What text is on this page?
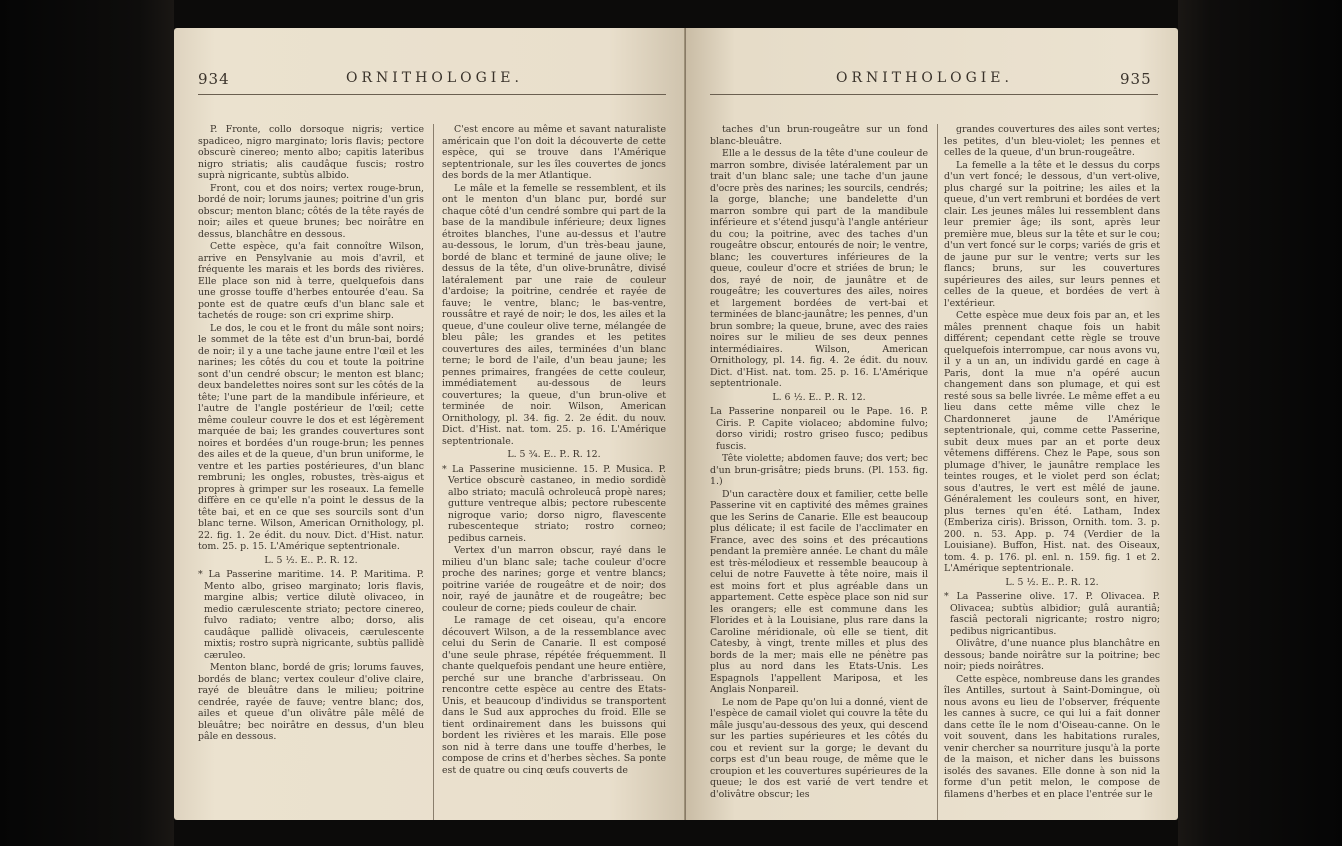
934	ORNITHOLOGIE.

P. Fronte, collo dorsoque nigris; vertice spadiceo, nigro marginato; loris flavis; pectore obscurè cinereo; mento albo; capitis lateribus nigro striatis; alis caudâque fuscis; rostro suprà nigricante, subtùs albido.

Front, cou et dos noirs; vertex rouge-brun, bordé de noir; lorums jaunes; poitrine d'un gris obscur; menton blanc; côtés de la tête rayés de noir; ailes et queue brunes; bec noirâtre en dessus, blanchâtre en dessous.

Cette espèce, qu'a fait connoître Wilson, arrive en Pensylvanie au mois d'avril, et fréquente les marais et les bords des rivières. Elle place son nid à terre, quelquefois dans une grosse touffe d'herbes entourée d'eau. Sa ponte est de quatre œufs d'un blanc sale et tachetés de rouge: son cri exprime shirp.

Le dos, le cou et le front du mâle sont noirs; le sommet de la tête est d'un brun-bai, bordé de noir; il y a une tache jaune entre l'œil et les narines; les côtés du cou et toute la poitrine sont d'un cendré obscur; le menton est blanc; deux bandelettes noires sont sur les côtés de la tête; l'une part de la mandibule inférieure, et l'autre de l'angle postérieur de l'œil; cette même couleur couvre le dos et est légèrement marquée de bai; les grandes couvertures sont noires et bordées d'un rouge-brun; les pennes des ailes et de la queue, d'un brun uniforme, le ventre et les parties postérieures, d'un blanc rembruni; les ongles, robustes, très-aigus et propres à grimper sur les roseaux. La femelle diffère en ce qu'elle n'a point le dessus de la tête bai, et en ce que ses sourcils sont d'un blanc terne. Wilson, American Ornithology, pl. 22. fig. 1. 2e édit. du nouv. Dict. d'Hist. natur. tom. 25. p. 15. L'Amérique septentrionale.

L. 5 ½. E.. P.. R. 12.

* La Passerine maritime. 14. P. Maritima. P. Mento albo, griseo marginato; loris flavis, margine albis; vertice dilutè olivaceo, in medio cærulescente striato; pectore cinereo, fulvo radiato; ventre albo; dorso, alis caudâque pallidè olivaceis, cærulescente mixtis; rostro suprà nigricante, subtùs pallidè cæruleo.

Menton blanc, bordé de gris; lorums fauves, bordés de blanc; vertex couleur d'olive claire, rayé de bleuâtre dans le milieu; poitrine cendrée, rayée de fauve; ventre blanc; dos, ailes et queue d'un olivâtre pâle mêlé de bleuâtre; bec noirâtre en dessus, d'un bleu pâle en dessous.

C'est encore au même et savant naturaliste américain que l'on doit la découverte de cette espèce, qui se trouve dans l'Amérique septentrionale, sur les îles couvertes de joncs des bords de la mer Atlantique.

Le mâle et la femelle se ressemblent, et ils ont le menton d'un blanc pur, bordé sur chaque côté d'un cendré sombre qui part de la base de la mandibule inférieure; deux lignes étroites blanches, l'une au-dessus et l'autre au-dessous, le lorum, d'un très-beau jaune, bordé de blanc et terminé de jaune olive; le dessus de la tête, d'un olive-brunâtre, divisé latéralement par une raie de couleur d'ardoise; la poitrine, cendrée et rayée de fauve; le ventre, blanc; le bas-ventre, roussâtre et rayé de noir; le dos, les ailes et la queue, d'une couleur olive terne, mélangée de bleu pâle; les grandes et les petites couvertures des ailes, terminées d'un blanc terne; le bord de l'aile, d'un beau jaune; les pennes primaires, frangées de cette couleur, immédiatement au-dessous de leurs couvertures; la queue, d'un brun-olive et terminée de noir. Wilson, American Ornithology, pl. 34. fig. 2. 2e édit. du nouv. Dict. d'Hist. nat. tom. 25. p. 16. L'Amérique septentrionale.

L. 5 ¾. E.. P.. R. 12.

* La Passerine musicienne. 15. P. Musica. P. Vertice obscurè castaneo, in medio sordidè albo striato; maculâ ochroleucâ propè nares; gutture ventreque albis; pectore rubescente nigroque vario; dorso nigro, flavescente rubescenteque striato; rostro corneo; pedibus carneis.

Vertex d'un marron obscur, rayé dans le milieu d'un blanc sale; tache couleur d'ocre proche des narines; gorge et ventre blancs; poitrine variée de rougeâtre et de noir; dos noir, rayé de jaunâtre et de rougeâtre; bec couleur de corne; pieds couleur de chair.

Le ramage de cet oiseau, qu'a encore découvert Wilson, a de la ressemblance avec celui du Serin de Canarie. Il est composé d'une seule phrase, répétée fréquemment. Il chante quelquefois pendant une heure entière, perché sur une branche d'arbrisseau. On rencontre cette espèce au centre des Etats-Unis, et beaucoup d'individus se transportent dans le Sud aux approches du froid. Elle se tient ordinairement dans les buissons qui bordent les rivières et les marais. Elle pose son nid à terre dans une touffe d'herbes, le compose de crins et d'herbes sèches. Sa ponte est de quatre ou cinq œufs couverts de

ORNITHOLOGIE.	935

taches d'un brun-rougeâtre sur un fond blanc-bleuâtre.

Elle a le dessus de la tête d'une couleur de marron sombre, divisée latéralement par un trait d'un blanc sale; une tache d'un jaune d'ocre près des narines; les sourcils, cendrés; la gorge, blanche; une bandelette d'un marron sombre qui part de la mandibule inférieure et s'étend jusqu'à l'angle antérieur du cou; la poitrine, avec des taches d'un rougeâtre obscur, entourés de noir; le ventre, blanc; les couvertures inférieures de la queue, couleur d'ocre et striées de brun; le dos, rayé de noir, de jaunâtre et de rougeâtre; les couvertures des ailes, noires et largement bordées de vert-bai et terminées de blanc-jaunâtre; les pennes, d'un brun sombre; la queue, brune, avec des raies noires sur le milieu de ses deux pennes intermédiaires. Wilson, American Ornithology, pl. 14. fig. 4. 2e édit. du nouv. Dict. d'Hist. nat. tom. 25. p. 16. L'Amérique septentrionale.

L. 6 ½. E.. P.. R. 12.

La Passerine nonpareil ou le Pape. 16. P. Ciris. P. Capite violaceo; abdomine fulvo; dorso viridi; rostro griseo fusco; pedibus fuscis.

Tête violette; abdomen fauve; dos vert; bec d'un brun-grisâtre; pieds bruns. (Pl. 153. fig. 1.)

D'un caractère doux et familier, cette belle Passerine vit en captivité des mêmes graines que les Serins de Canarie. Elle est beaucoup plus délicate; il est facile de l'acclimater en France, avec des soins et des précautions pendant la première année. Le chant du mâle est très-mélodieux et ressemble beaucoup à celui de notre Fauvette à tête noire, mais il est moins fort et plus agréable dans un appartement. Cette espèce place son nid sur les orangers; elle est commune dans les Florides et à la Louisiane, plus rare dans la Caroline méridionale, où elle se tient, dit Catesby, à vingt, trente milles et plus des bords de la mer; mais elle ne pénètre pas plus au nord dans les Etats-Unis. Les Espagnols l'appellent Mariposa, et les Anglais Nonpareil.

Le nom de Pape qu'on lui a donné, vient de l'espèce de camail violet qui couvre la tête du mâle jusqu'au-dessous des yeux, qui descend sur les parties supérieures et les côtés du cou et revient sur la gorge; le devant du corps est d'un beau rouge, de même que le croupion et les couvertures supérieures de la queue; le dos est varié de vert tendre et d'olivâtre obscur; les

grandes couvertures des ailes sont vertes; les petites, d'un bleu-violet; les pennes et celles de la queue, d'un brun-rougeâtre.

La femelle a la tête et le dessus du corps d'un vert foncé; le dessous, d'un vert-olive, plus chargé sur la poitrine; les ailes et la queue, d'un vert rembruni et bordées de vert clair. Les jeunes mâles lui ressemblent dans leur premier âge; ils sont, après leur première mue, bleus sur la tête et sur le cou; d'un vert foncé sur le corps; variés de gris et de jaune pur sur le ventre; verts sur les flancs; bruns, sur les couvertures supérieures des ailes, sur leurs pennes et celles de la queue, et bordées de vert à l'extérieur.

Cette espèce mue deux fois par an, et les mâles prennent chaque fois un habit différent; cependant cette règle se trouve quelquefois interrompue, car nous avons vu, il y a un an, un individu gardé en cage à Paris, dont la mue n'a opéré aucun changement dans son plumage, et qui est resté sous sa belle livrée. Le même effet a eu lieu dans cette même ville chez le Chardonneret jaune de l'Amérique septentrionale, qui, comme cette Passerine, subit deux mues par an et porte deux vêtemens différens. Chez le Pape, sous son plumage d'hiver, le jaunâtre remplace les teintes rouges, et le violet perd son éclat; sous d'autres, le vert est mêlé de jaune. Généralement les couleurs sont, en hiver, plus ternes qu'en été. Latham, Index (Emberiza ciris). Brisson, Ornith. tom. 3. p. 200. n. 53. App. p. 74 (Verdier de la Louisiane). Buffon, Hist. nat. des Oiseaux, tom. 4. p. 176. pl. enl. n. 159. fig. 1 et 2. L'Amérique septentrionale.

L. 5 ½. E.. P.. R. 12.

* La Passerine olive. 17. P. Olivacea. P. Olivacea; subtùs albidior; gulâ aurantiâ; fasciâ pectorali nigricante; rostro nigro; pedibus nigricantibus.

Olivâtre, d'une nuance plus blanchâtre en dessous; bande noirâtre sur la poitrine; bec noir; pieds noirâtres.

Cette espèce, nombreuse dans les grandes îles Antilles, surtout à Saint-Domingue, où nous avons eu lieu de l'observer, fréquente les cannes à sucre, ce qui lui a fait donner dans cette île le nom d'Oiseau-canne. On le voit souvent, dans les habitations rurales, venir chercher sa nourriture jusqu'à la porte de la maison, et nicher dans les buissons isolés des savanes. Elle donne à son nid la forme d'un petit melon, le compose de filamens d'herbes et en place l'entrée sur le
